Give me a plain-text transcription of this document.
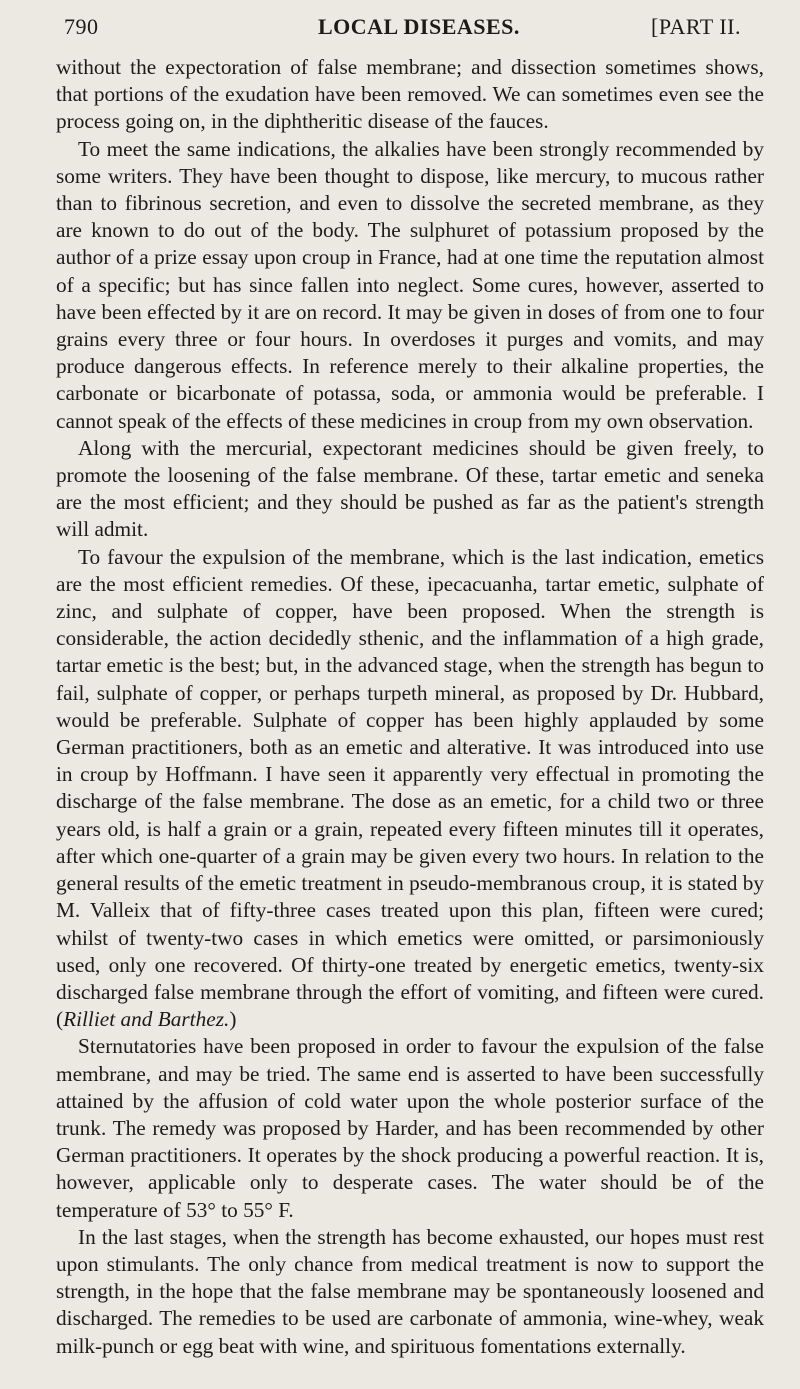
790	LOCAL DISEASES.	[PART II.

without the expectoration of false membrane; and dissection sometimes shows, that portions of the exudation have been removed. We can sometimes even see the process going on, in the diphtheritic disease of the fauces.

To meet the same indications, the alkalies have been strongly recommended by some writers. They have been thought to dispose, like mercury, to mucous rather than to fibrinous secretion, and even to dissolve the secreted membrane, as they are known to do out of the body. The sulphuret of potassium proposed by the author of a prize essay upon croup in France, had at one time the reputation almost of a specific; but has since fallen into neglect. Some cures, however, asserted to have been effected by it are on record. It may be given in doses of from one to four grains every three or four hours. In overdoses it purges and vomits, and may produce dangerous effects. In reference merely to their alkaline properties, the carbonate or bicarbonate of potassa, soda, or ammonia would be preferable. I cannot speak of the effects of these medicines in croup from my own observation.

Along with the mercurial, expectorant medicines should be given freely, to promote the loosening of the false membrane. Of these, tartar emetic and seneka are the most efficient; and they should be pushed as far as the patient's strength will admit.

To favour the expulsion of the membrane, which is the last indication, emetics are the most efficient remedies. Of these, ipecacuanha, tartar emetic, sulphate of zinc, and sulphate of copper, have been proposed. When the strength is considerable, the action decidedly sthenic, and the inflammation of a high grade, tartar emetic is the best; but, in the advanced stage, when the strength has begun to fail, sulphate of copper, or perhaps turpeth mineral, as proposed by Dr. Hubbard, would be preferable. Sulphate of copper has been highly applauded by some German practitioners, both as an emetic and alterative. It was introduced into use in croup by Hoffmann. I have seen it apparently very effectual in promoting the discharge of the false membrane. The dose as an emetic, for a child two or three years old, is half a grain or a grain, repeated every fifteen minutes till it operates, after which one-quarter of a grain may be given every two hours. In relation to the general results of the emetic treatment in pseudo-membranous croup, it is stated by M. Valleix that of fifty-three cases treated upon this plan, fifteen were cured; whilst of twenty-two cases in which emetics were omitted, or parsimoniously used, only one recovered. Of thirty-one treated by energetic emetics, twenty-six discharged false membrane through the effort of vomiting, and fifteen were cured. (Rilliet and Barthez.)

Sternutatories have been proposed in order to favour the expulsion of the false membrane, and may be tried. The same end is asserted to have been successfully attained by the affusion of cold water upon the whole posterior surface of the trunk. The remedy was proposed by Harder, and has been recommended by other German practitioners. It operates by the shock producing a powerful reaction. It is, however, applicable only to desperate cases. The water should be of the temperature of 53° to 55° F.

In the last stages, when the strength has become exhausted, our hopes must rest upon stimulants. The only chance from medical treatment is now to support the strength, in the hope that the false membrane may be spontaneously loosened and discharged. The remedies to be used are carbonate of ammonia, wine-whey, weak milk-punch or egg beat with wine, and spirituous fomentations externally.
